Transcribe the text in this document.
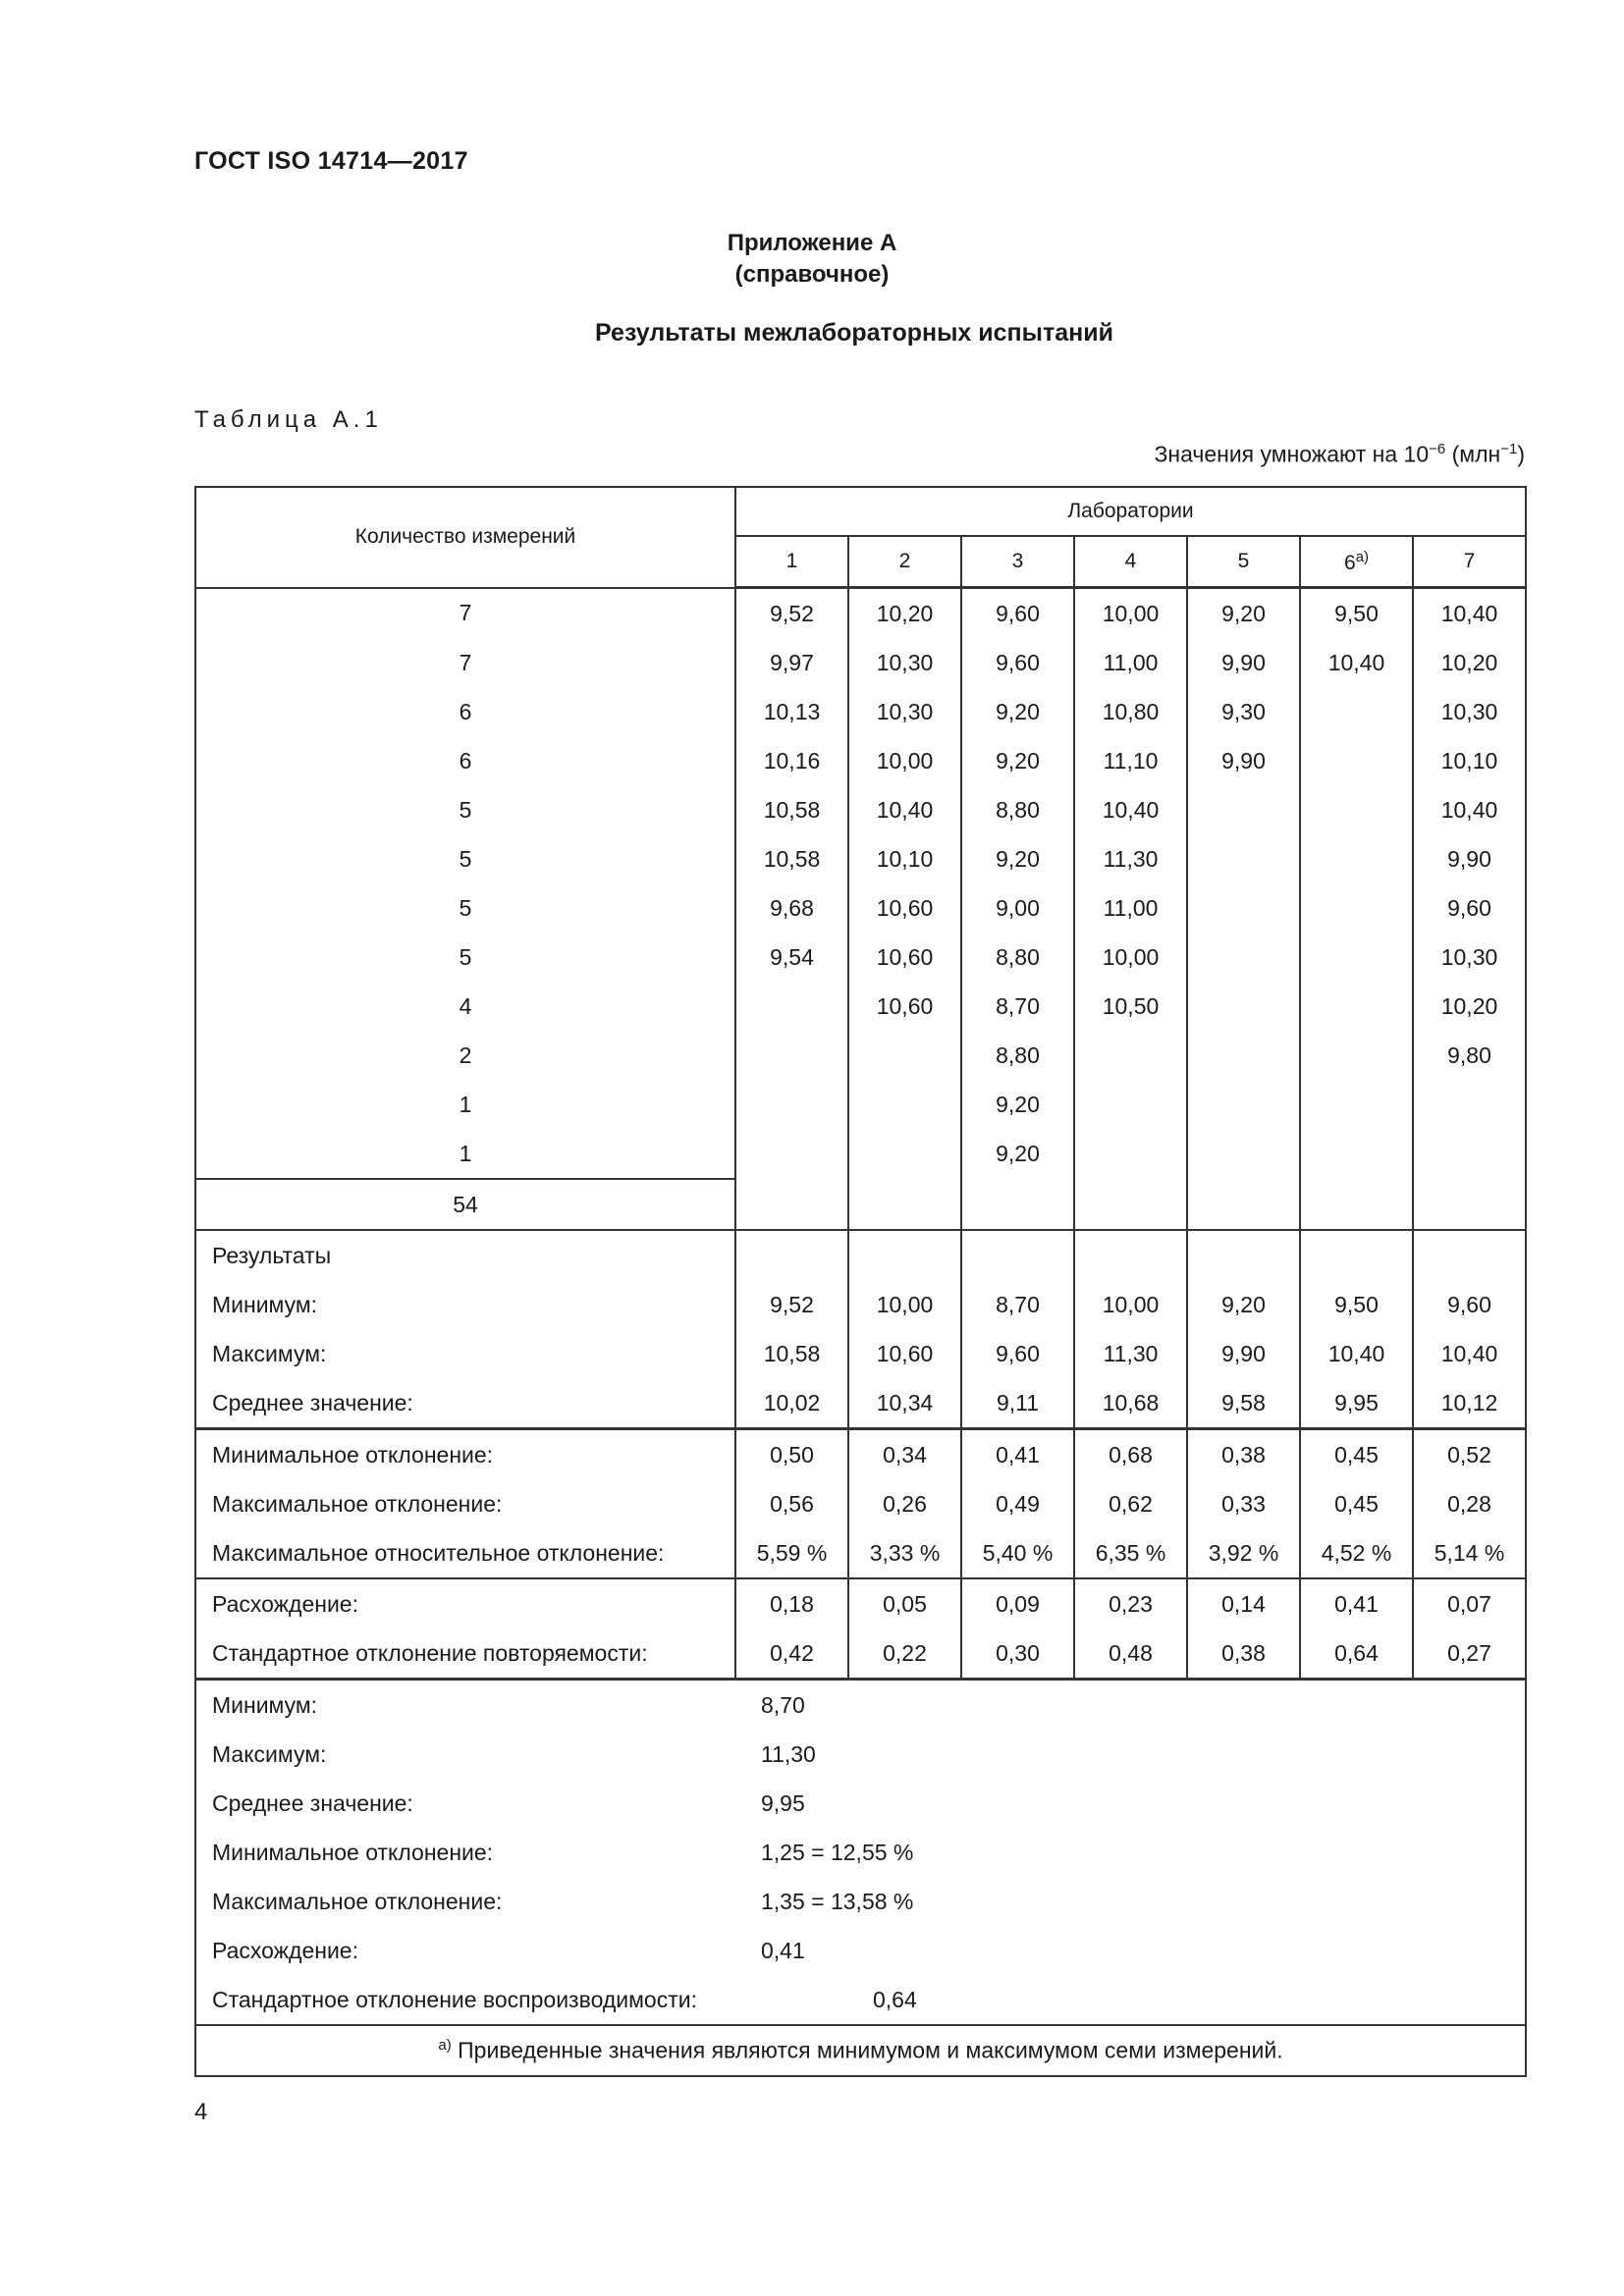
ГОСТ ISO 14714—2017
Приложение А
(справочное)
Результаты межлабораторных испытаний
Таблица А.1
Значения умножают на $10^{-6}$ (млн$^{-1}$)
Количество измерений	Лаборатории						
	1	2	3	4	5	$6^{а)}$	7
7	9,52	10,20	9,60	10,00	9,20	9,50	10,40
7	9,97	10,30	9,60	11,00	9,90	10,40	10,20
6	10,13	10,30	9,20	10,80	9,30		10,30
6	10,16	10,00	9,20	11,10	9,90		10,10
5	10,58	10,40	8,80	10,40			10,40
5	10,58	10,10	9,20	11,30			9,90
5	9,68	10,60	9,00	11,00			9,60
5	9,54	10,60	8,80	10,00			10,30
4		10,60	8,70	10,50			10,20
2			8,80				9,80
1			9,20				
1			9,20				
54							
Результаты							
Минимум:	9,52	10,00	8,70	10,00	9,20	9,50	9,60
Максимум:	10,58	10,60	9,60	11,30	9,90	10,40	10,40
Среднее значение:	10,02	10,34	9,11	10,68	9,58	9,95	10,12
Минимальное отклонение:	0,50	0,34	0,41	0,68	0,38	0,45	0,52
Максимальное отклонение:	0,56	0,26	0,49	0,62	0,33	0,45	0,28
Максимальное относительное отклонение:	5,59 %	3,33 %	5,40 %	6,35 %	3,92 %	4,52 %	5,14 %
Расхождение:	0,18	0,05	0,09	0,23	0,14	0,41	0,07
Стандартное отклонение повторяемости:	0,42	0,22	0,30	0,48	0,38	0,64	0,27
Минимум:	8,70						
Максимум:	11,30						
Среднее значение:	9,95						
Минимальное отклонение:	1,25 = 12,55 %						
Максимальное отклонение:	1,35 = 13,58 %						
Расхождение:	0,41						
Стандартное отклонение воспроизводимости:	0,64						
$^{а)}$ Приведенные значения являются минимумом и максимумом семи измерений.							
4
